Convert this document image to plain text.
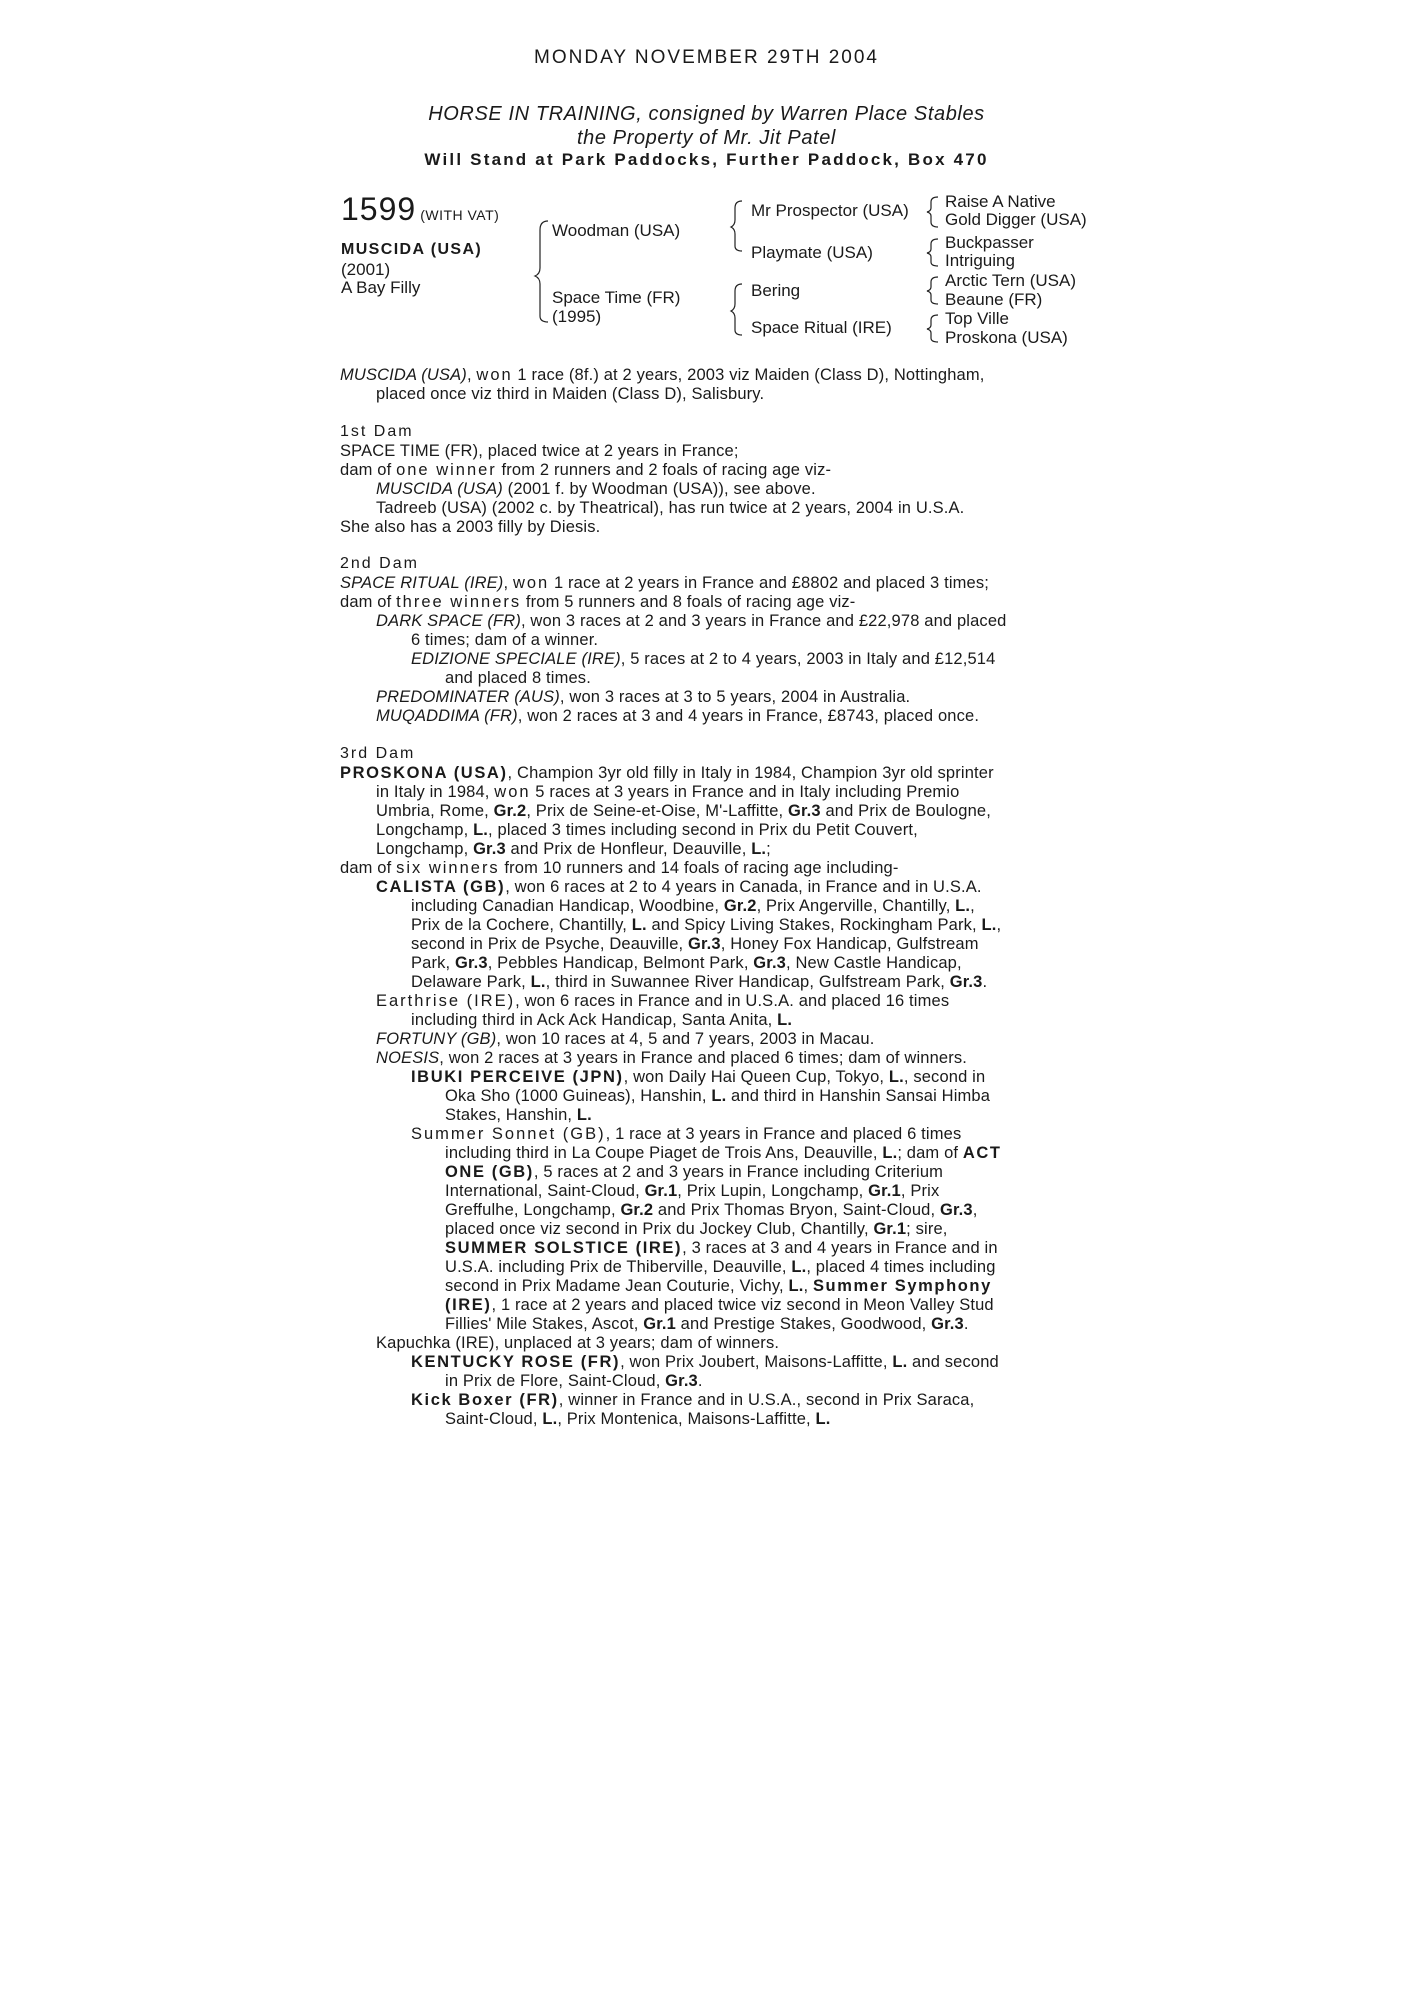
MONDAY NOVEMBER 29TH 2004
HORSE IN TRAINING, consigned by Warren Place Stables
the Property of Mr. Jit Patel
Will Stand at Park Paddocks, Further Paddock, Box 470
1599 (WITH VAT)
MUSCIDA (USA)
(2001)
A Bay Filly
Woodman (USA)
Space Time (FR)
(1995)
Mr Prospector (USA)
Playmate (USA)
Bering
Space Ritual (IRE)
Raise A Native
Gold Digger (USA)
Buckpasser
Intriguing
Arctic Tern (USA)
Beaune (FR)
Top Ville
Proskona (USA)
MUSCIDA (USA), won 1 race (8f.) at 2 years, 2003 viz Maiden (Class D), Nottingham,
placed once viz third in Maiden (Class D), Salisbury.
1st Dam
SPACE TIME (FR), placed twice at 2 years in France;
dam of one winner from 2 runners and 2 foals of racing age viz-
MUSCIDA (USA) (2001 f. by Woodman (USA)), see above.
Tadreeb (USA) (2002 c. by Theatrical), has run twice at 2 years, 2004 in U.S.A.
She also has a 2003 filly by Diesis.
2nd Dam
SPACE RITUAL (IRE), won 1 race at 2 years in France and £8802 and placed 3 times;
dam of three winners from 5 runners and 8 foals of racing age viz-
DARK SPACE (FR), won 3 races at 2 and 3 years in France and £22,978 and placed
6 times; dam of a winner.
EDIZIONE SPECIALE (IRE), 5 races at 2 to 4 years, 2003 in Italy and £12,514
and placed 8 times.
PREDOMINATER (AUS), won 3 races at 3 to 5 years, 2004 in Australia.
MUQADDIMA (FR), won 2 races at 3 and 4 years in France, £8743, placed once.
3rd Dam
PROSKONA (USA), Champion 3yr old filly in Italy in 1984, Champion 3yr old sprinter
in Italy in 1984, won 5 races at 3 years in France and in Italy including Premio
Umbria, Rome, Gr.2, Prix de Seine-et-Oise, M'-Laffitte, Gr.3 and Prix de Boulogne,
Longchamp, L., placed 3 times including second in Prix du Petit Couvert,
Longchamp, Gr.3 and Prix de Honfleur, Deauville, L.;
dam of six winners from 10 runners and 14 foals of racing age including-
CALISTA (GB), won 6 races at 2 to 4 years in Canada, in France and in U.S.A.
including Canadian Handicap, Woodbine, Gr.2, Prix Angerville, Chantilly, L.,
Prix de la Cochere, Chantilly, L. and Spicy Living Stakes, Rockingham Park, L.,
second in Prix de Psyche, Deauville, Gr.3, Honey Fox Handicap, Gulfstream
Park, Gr.3, Pebbles Handicap, Belmont Park, Gr.3, New Castle Handicap,
Delaware Park, L., third in Suwannee River Handicap, Gulfstream Park, Gr.3.
Earthrise (IRE), won 6 races in France and in U.S.A. and placed 16 times
including third in Ack Ack Handicap, Santa Anita, L.
FORTUNY (GB), won 10 races at 4, 5 and 7 years, 2003 in Macau.
NOESIS, won 2 races at 3 years in France and placed 6 times; dam of winners.
IBUKI PERCEIVE (JPN), won Daily Hai Queen Cup, Tokyo, L., second in
Oka Sho (1000 Guineas), Hanshin, L. and third in Hanshin Sansai Himba
Stakes, Hanshin, L.
Summer Sonnet (GB), 1 race at 3 years in France and placed 6 times
including third in La Coupe Piaget de Trois Ans, Deauville, L.; dam of ACT
ONE (GB), 5 races at 2 and 3 years in France including Criterium
International, Saint-Cloud, Gr.1, Prix Lupin, Longchamp, Gr.1, Prix
Greffulhe, Longchamp, Gr.2 and Prix Thomas Bryon, Saint-Cloud, Gr.3,
placed once viz second in Prix du Jockey Club, Chantilly, Gr.1; sire,
SUMMER SOLSTICE (IRE), 3 races at 3 and 4 years in France and in
U.S.A. including Prix de Thiberville, Deauville, L., placed 4 times including
second in Prix Madame Jean Couturie, Vichy, L., Summer Symphony
(IRE), 1 race at 2 years and placed twice viz second in Meon Valley Stud
Fillies' Mile Stakes, Ascot, Gr.1 and Prestige Stakes, Goodwood, Gr.3.
Kapuchka (IRE), unplaced at 3 years; dam of winners.
KENTUCKY ROSE (FR), won Prix Joubert, Maisons-Laffitte, L. and second
in Prix de Flore, Saint-Cloud, Gr.3.
Kick Boxer (FR), winner in France and in U.S.A., second in Prix Saraca,
Saint-Cloud, L., Prix Montenica, Maisons-Laffitte, L.
